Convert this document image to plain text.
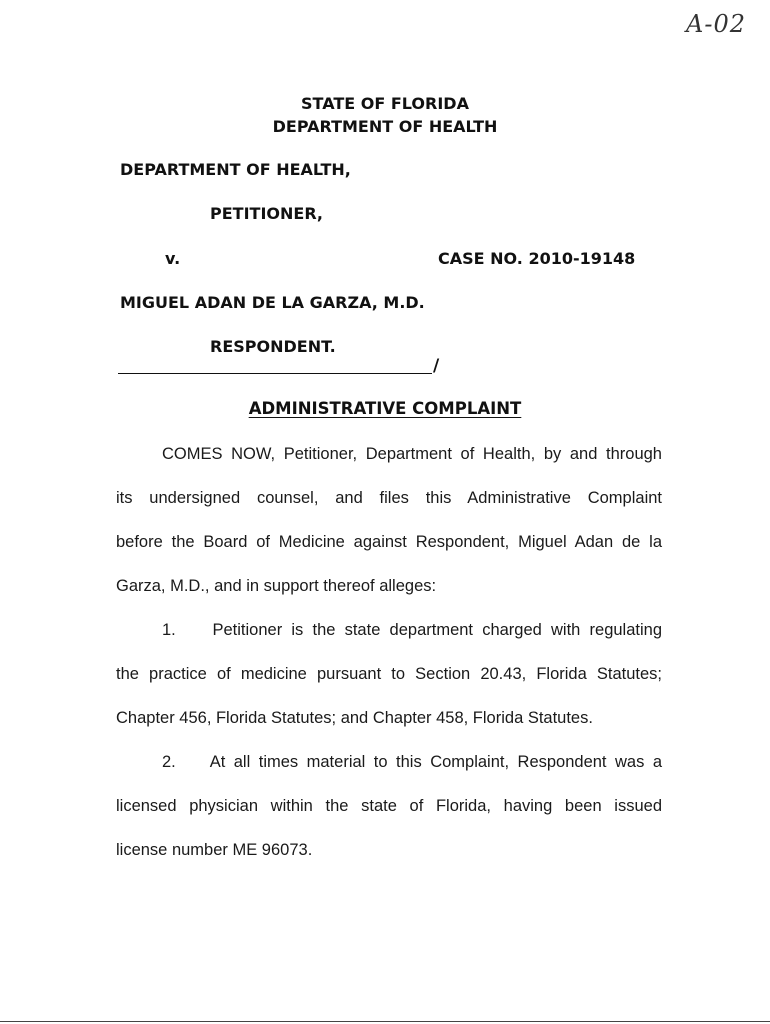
A-02
STATE OF FLORIDA
DEPARTMENT OF HEALTH
DEPARTMENT OF HEALTH,
PETITIONER,
v.	CASE NO. 2010-19148
MIGUEL ADAN DE LA GARZA, M.D.
RESPONDENT.
/
ADMINISTRATIVE COMPLAINT
COMES NOW, Petitioner, Department of Health, by and through
its undersigned counsel, and files this Administrative Complaint
before the Board of Medicine against Respondent, Miguel Adan de la
Garza, M.D., and in support thereof alleges:
1. Petitioner is the state department charged with regulating
the practice of medicine pursuant to Section 20.43, Florida Statutes;
Chapter 456, Florida Statutes; and Chapter 458, Florida Statutes.
2. At all times material to this Complaint, Respondent was a
licensed physician within the state of Florida, having been issued
license number ME 96073.
